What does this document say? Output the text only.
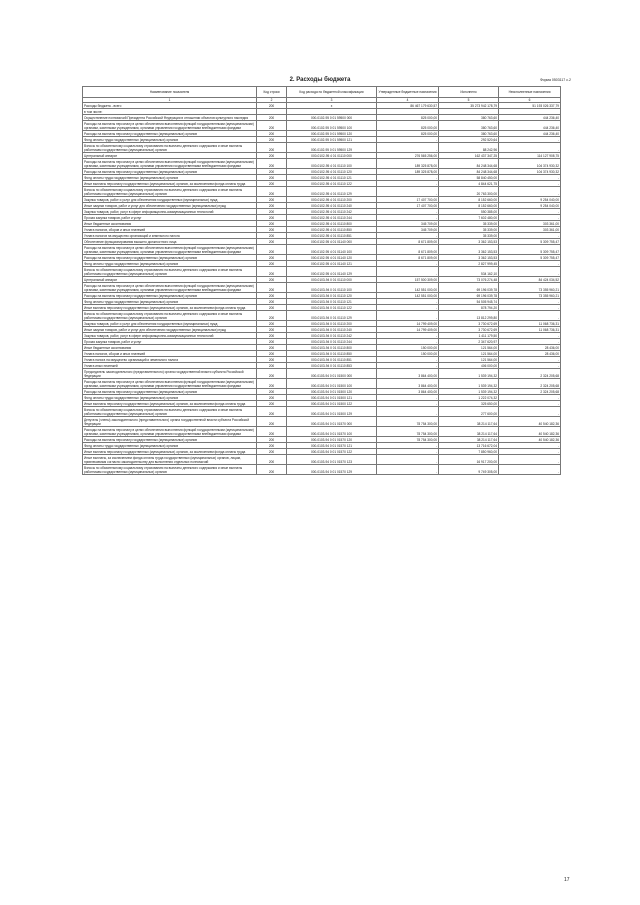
2. Расходы бюджета	Форма 0503117 с.2
Наименование показателя	Код строки	Код расхода по бюджетной классификации	Утвержденные бюджетные назначения	Исполнено	Неисполненные назначения
1	2	3	4	5	6
Расходы бюджета - всего	200	x	86 467 179 630,57	35 273 942 178,79	51 193 026 337,79
в том числе:					
Осуществление полномочий Президента Российской Федерации в отношении объектов культурного наследия	200	000-0102-95 0 01 59500 000	825 000,00	380 763,60	444 236,40
Расходы на выплаты персоналу в целях обеспечения выполнения функций государственными (муниципальными) органами, казенными учреждениями, органами управления государственными внебюджетными фондами	200	000-0102-95 0 01 59500 100	825 000,00	380 763,60	444 236,40
Расходы на выплаты персоналу государственных (муниципальных) органов	200	000-0102-95 0 01 59500 120	825 000,00	380 763,60	444 236,40
Фонд оплаты труда государственных (муниципальных) органов	200	000-0102-95 0 01 59500 121	-	292 520,64	-
Взносы по обязательному социальному страхованию на выплаты денежного содержания и иные выплаты работникам государственных (муниципальных) органов	200	000-0102-95 0 01 59500 129	-	88 242,96	-
Центральный аппарат	200	000-0102-95 4 01 01110 000	276 565 256,00	162 437 347,25	114 127 908,75
Расходы на выплаты персоналу в целях обеспечения выполнения функций государственными (муниципальными) органами, казенными учреждениями, органами управления государственными внебюджетными фондами	200	000-0102-95 4 01 01110 100	189 325 878,00	84 248 344,68	104 374 930,32
Расходы на выплаты персоналу государственных (муниципальных) органов	200	000-0102-95 4 01 01110 120	189 325 878,00	84 248 344,68	104 374 930,32
Фонд оплаты труда государственных (муниципальных) органов	200	000-0102-95 4 01 01110 121	-	58 840 450,00	-
Иные выплаты персоналу государственных (муниципальных) органов, за исключением фонда оплаты труда	200	000-0102-95 4 01 01110 122	-	4 844 621,75	-
Взносы по обязательному социальному страхованию на выплаты денежного содержания и иные выплаты работникам государственных (муниципальных) органов	200	000-0102-95 4 01 01110 129	-	20 763 300,00	-
Закупка товаров, работ и услуг для обеспечения государственных (муниципальных) нужд	200	000-0102-95 4 01 01110 200	17 407 700,00	8 152 660,00	9 254 040,00
Иные закупки товаров, работ и услуг для обеспечения государственных (муниципальных) нужд	200	000-0102-95 4 01 01110 240	17 407 700,00	8 152 660,00	9 254 040,00
Закупка товаров, работ, услуг в сфере информационно-коммуникационных технологий	200	000-0102-95 4 01 01110 242	-	550 385,00	-
Прочая закупка товаров, работ и услуг	200	000-0102-95 4 01 01110 244	-	7 602 480,00	-
Иные бюджетные ассигнования	200	000-0102-95 4 01 01110 800	345 709,00	35 339,00	303 361,00
Уплата налогов, сборов и иных платежей	200	000-0102-95 4 01 01110 850	345 709,00	35 339,00	303 361,00
Уплата налогов на имущество организаций и земельного налога	200	000-0102-95 4 01 01110 851	-	35 339,00	-
Обеспечение функционирования высшего должностного лица	200	000-0102-95 4 01 01140 000	8 671 809,00	3 362 153,53	5 309 755,47
Расходы на выплаты персоналу в целях обеспечения выполнения функций государственными (муниципальными) органами, казенными учреждениями, органами управления государственными внебюджетными фондами	200	000-0102-95 4 01 01140 100	8 671 809,00	3 362 153,53	5 309 755,47
Расходы на выплаты персоналу государственных (муниципальных) органов	200	000-0102-95 4 01 01140 120	8 671 809,00	3 362 153,53	5 309 755,47
Фонд оплаты труда государственных (муниципальных) органов	200	000-0102-95 4 01 01140 121	-	2 827 999,45	-
Взносы по обязательному социальному страхованию на выплаты денежного содержания и иные выплаты работникам государственных (муниципальных) органов	200	000-0102-95 4 01 01140 129	-	534 162,10	-
Центральный аппарат	200	000-0103-94 0 01 01110 000	157 500 309,00	73 076 274,48	84 424 034,52
Расходы на выплаты персоналу в целях обеспечения выполнения функций государственными (муниципальными) органами, казенными учреждениями, органами управления государственными внебюджетными фондами	200	000-0103-94 0 01 01110 100	142 551 000,00	69 196 039,78	73 355 960,21
Расходы на выплаты персоналу государственных (муниципальных) органов	200	000-0103-94 0 01 01110 120	142 551 000,00	69 196 039,78	73 355 960,21
Фонд оплаты труда государственных (муниципальных) органов	200	000-0103-94 0 01 01110 121	-	54 505 945,74	-
Иные выплаты персоналу государственных (муниципальных) органов, за исключением фонда оплаты труда	200	000-0103-94 0 01 01110 122	-	878 794,20	-
Взносы по обязательному социальному страхованию на выплаты денежного содержания и иные выплаты работникам государственных (муниципальных) органов	200	000-0103-94 0 01 01110 129	-	13 812 299,80	-
Закупка товаров, работ и услуг для обеспечения государственных (муниципальных) нужд	200	000-0103-94 0 01 01110 200	14 799 409,00	3 730 672,69	11 068 736,31
Иные закупки товаров, работ и услуг для обеспечения государственных (муниципальных) нужд	200	000-0103-94 0 01 01110 240	14 799 409,00	3 730 672,69	11 068 736,31
Закупка товаров, работ, услуг в сфере информационно-коммуникационных технологий	200	000-0103-94 0 01 01110 242	-	1 411 179,50	-
Прочая закупка товаров, работ и услуг	200	000-0103-94 0 01 01110 244	-	2 347 620,97	-
Иные бюджетные ассигнования	200	000-0103-94 0 01 01110 800	150 000,00	121 564,00	28 436,00
Уплата налогов, сборов и иных платежей	200	000-0103-94 0 01 01110 850	150 000,00	121 564,00	28 436,00
Уплата налога на имущество организаций и земельного налога	200	000-0103-94 0 01 01110 851	-	121 564,00	-
Уплата иных платежей	200	000-0103-94 0 01 01110 853	-	406 000,00	-
Председатель законодательного (представительного) органа государственной власти субъекта Российской Федерации	200	000-0103-94 0 01 01500 000	3 864 400,00	1 539 194,32	2 324 205,68
Расходы на выплаты персоналу в целях обеспечения выполнения функций государственными (муниципальными) органами, казенными учреждениями, органами управления государственными внебюджетными фондами	200	000-0103-94 0 01 01500 100	3 864 400,00	1 539 194,32	2 324 205,68
Расходы на выплаты персоналу государственных (муниципальных) органов	200	000-0103-94 0 01 01500 120	3 864 400,00	1 539 194,32	2 324 205,68
Фонд оплаты труда государственных (муниципальных) органов	200	000-0103-94 0 01 01500 121	-	1 222 074,32	-
Иные выплаты персоналу государственных (муниципальных) органов, за исключением фонда оплаты труда	200	000-0103-94 0 01 01500 122	-	325 650,00	-
Взносы по обязательному социальному страхованию на выплаты денежного содержания и иные выплаты работникам государственных (муниципальных) органов	200	000-0103-94 0 01 01500 129	-	277 600,00	-
Депутаты (члены) законодательного (представительного) органа государственной власти субъекта Российской Федерации	200	000-0103-94 0 01 01570 000	78 754 300,00	38 214 117,64	40 540 182,36
Расходы на выплаты персоналу в целях обеспечения выполнения функций государственными (муниципальными) органами, казенными учреждениями, органами управления государственными внебюджетными фондами	200	000-0103-94 0 01 01570 100	78 754 300,00	38 214 117,64	40 540 182,36
Расходы на выплаты персоналу государственных (муниципальных) органов	200	000-0103-94 0 01 01570 120	78 754 300,00	38 214 117,64	40 540 182,36
Фонд оплаты труда государственных (муниципальных) органов	200	000-0103-94 0 01 01570 121	-	13 716 672,04	-
Иные выплаты персоналу государственных (муниципальных) органов, за исключением фонда оплаты труда	200	000-0103-94 0 01 01570 122	-	7 850 960,00	-
Иные выплаты, за исключением фонда оплаты труда государственных (муниципальных) органов, лицам, привлекаемым согласно законодательству для выполнения отдельных полномочий	200	000-0103-94 0 01 01570 123	-	16 917 200,00	-
Взносы по обязательному социальному страхованию на выплаты денежного содержания и иные выплаты работникам государственных (муниципальных) органов	200	000-0103-94 0 01 01570 129	-	9 749 305,00	-
17
